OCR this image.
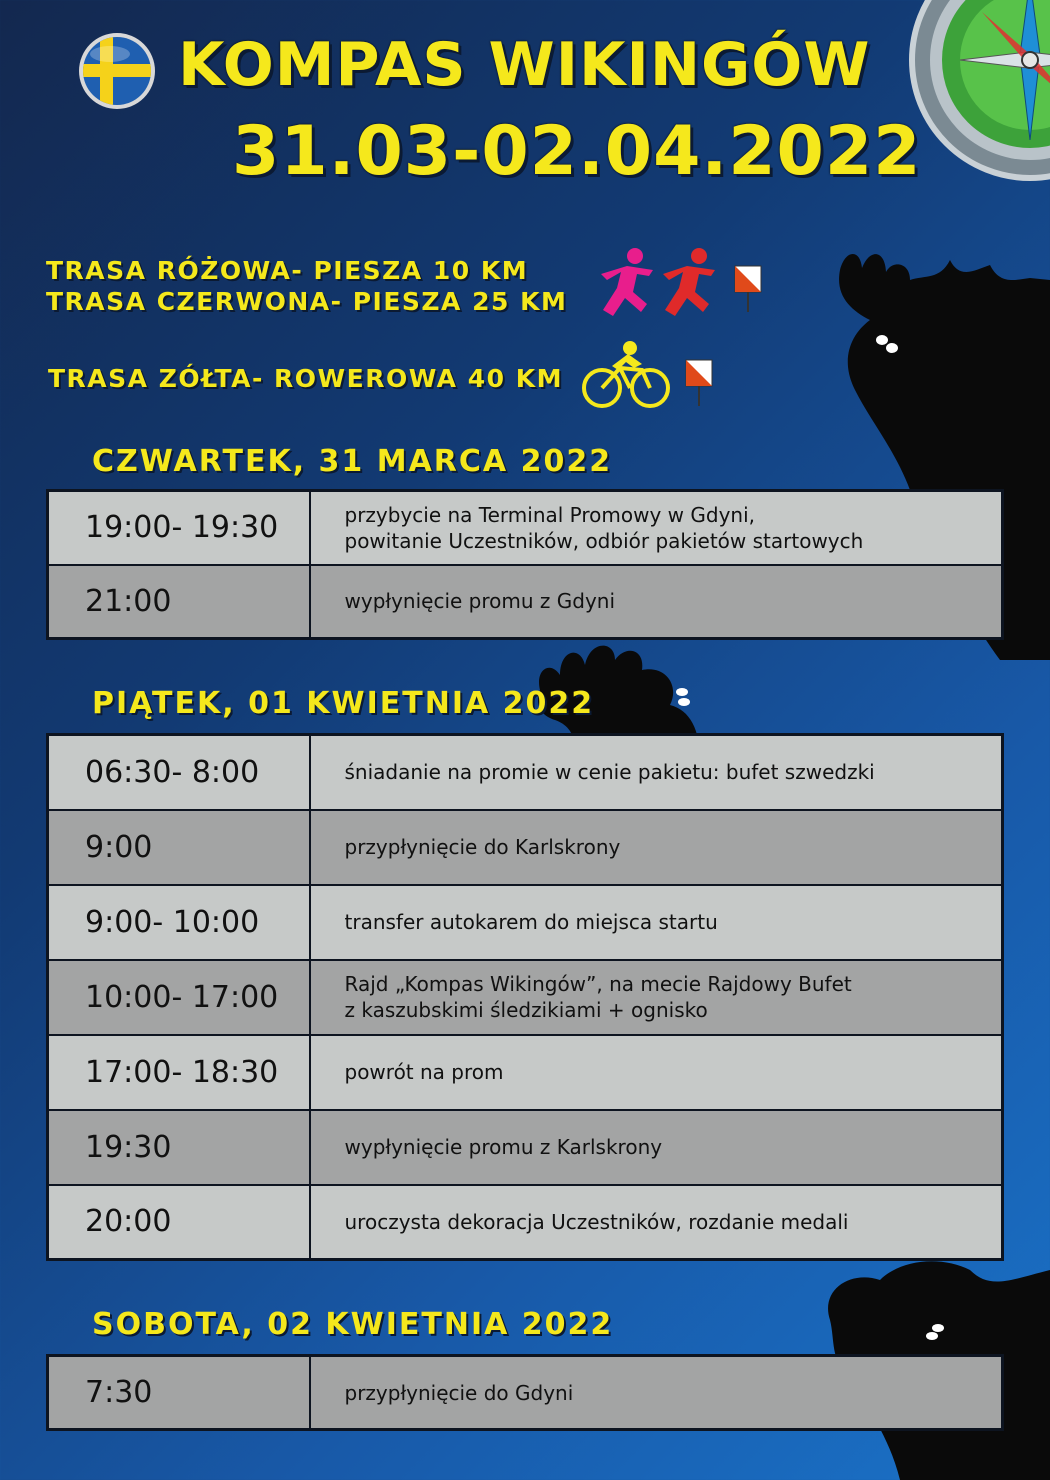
KOMPAS WIKINGÓW
31.03-02.04.2022
TRASA RÓŻOWA- PIESZA 10 KM
TRASA CZERWONA- PIESZA 25 KM
TRASA ZÓŁTA- ROWEROWA 40 KM
CZWARTEK, 31 MARCA 2022
19:00- 19:30	przybycie na Terminal Promowy w Gdyni,
powitanie Uczestników, odbiór pakietów startowych

21:00	wypłynięcie promu z Gdyni
PIĄTEK, 01 KWIETNIA 2022
06:30- 8:00	śniadanie na promie w cenie pakietu: bufet szwedzki

9:00	przypłynięcie do Karlskrony

9:00- 10:00	transfer autokarem do miejsca startu

10:00- 17:00	Rajd „Kompas Wikingów”, na mecie Rajdowy Bufet
z kaszubskimi śledzikiami + ognisko

17:00- 18:30	powrót na prom

19:30	wypłynięcie promu z Karlskrony

20:00	uroczysta dekoracja Uczestników, rozdanie medali
SOBOTA, 02 KWIETNIA 2022
7:30	przypłynięcie do Gdyni
